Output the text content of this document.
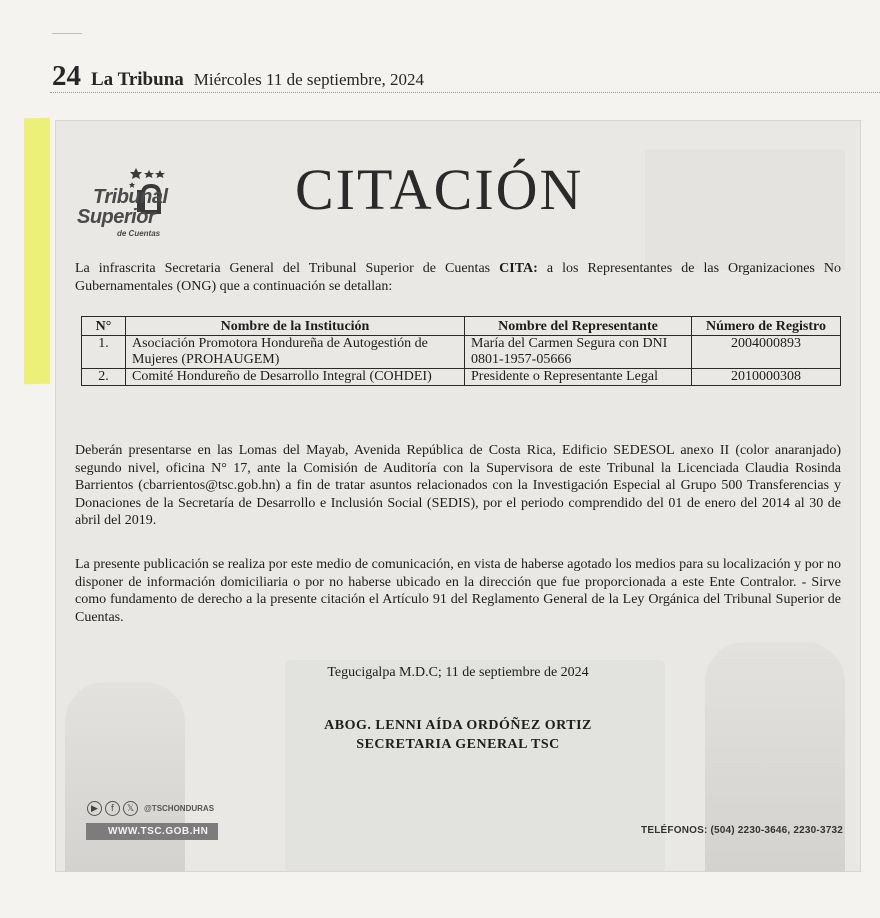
24 La Tribuna Miércoles 11 de septiembre, 2024
Tribunal
Superior
de Cuentas
CITACIÓN
La infrascrita Secretaria General del Tribunal Superior de Cuentas CITA: a los Representantes de las Organizaciones No Gubernamentales (ONG) que a continuación se detallan:
N°	Nombre de la Institución	Nombre del Representante	Número de Registro
1.	Asociación Promotora Hondureña de Autogestión de Mujeres (PROHAUGEM)	María del Carmen Segura con DNI 0801-1957-05666	2004000893
2.	Comité Hondureño de Desarrollo Integral (COHDEI)	Presidente o Representante Legal	2010000308
Deberán presentarse en las Lomas del Mayab, Avenida República de Costa Rica, Edificio SEDESOL anexo II (color anaranjado) segundo nivel, oficina N° 17, ante la Comisión de Auditoría con la Supervisora de este Tribunal la Licenciada Claudia Rosinda Barrientos (cbarrientos@tsc.gob.hn) a fin de tratar asuntos relacionados con la Investigación Especial al Grupo 500 Transferencias y Donaciones de la Secretaría de Desarrollo e Inclusión Social (SEDIS), por el periodo comprendido del 01 de enero del 2014 al 30 de abril del 2019.
La presente publicación se realiza por este medio de comunicación, en vista de haberse agotado los medios para su localización y por no disponer de información domiciliaria o por no haberse ubicado en la dirección que fue proporcionada a este Ente Contralor. - Sirve como fundamento de derecho a la presente citación el Artículo 91 del Reglamento General de la Ley Orgánica del Tribunal Superior de Cuentas.
Tegucigalpa M.D.C; 11 de septiembre de 2024
ABOG. LENNI AÍDA ORDÓÑEZ ORTIZ
SECRETARIA GENERAL TSC
▶	f	𝕏	@TSCHONDURAS
WWW.TSC.GOB.HN	TELÉFONOS: (504) 2230-3646, 2230-3732
